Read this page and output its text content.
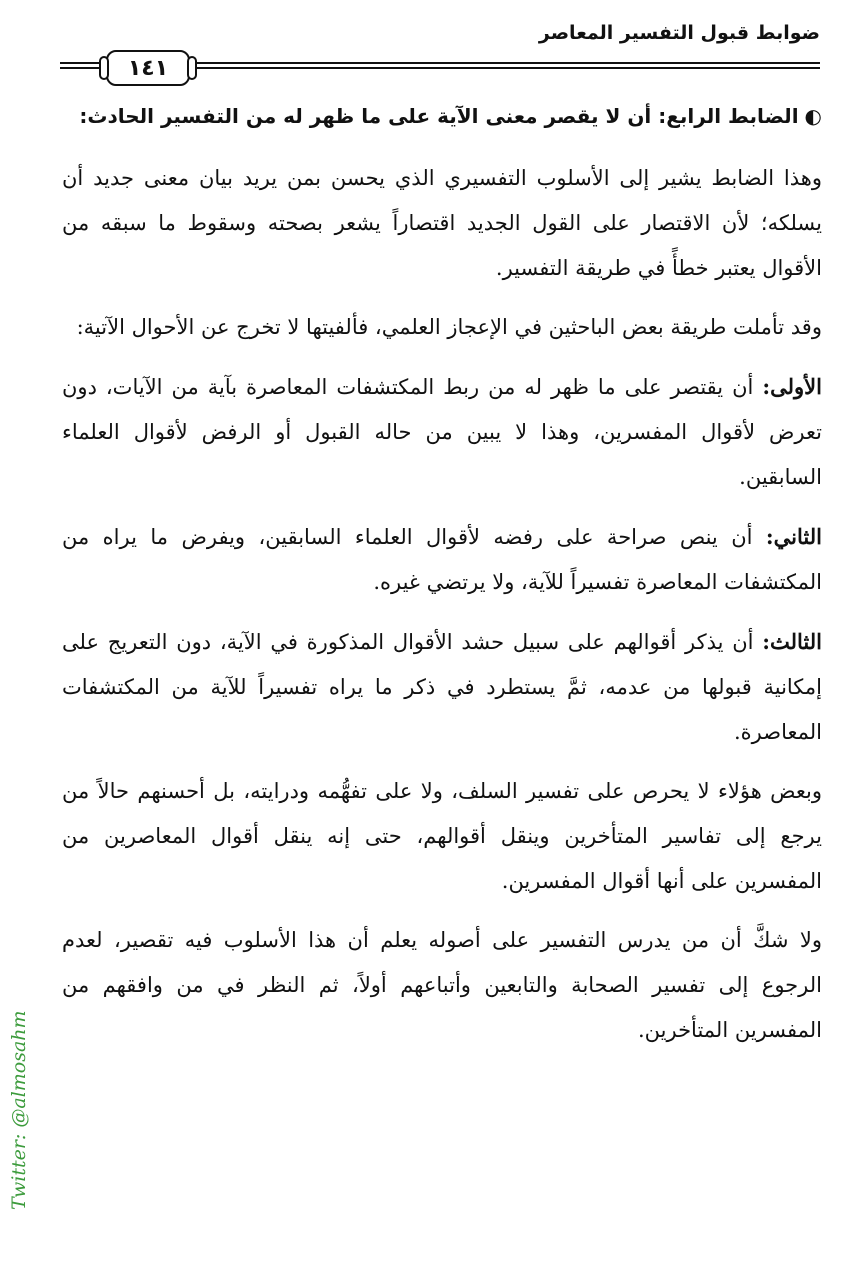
ضوابط قبول التفسير المعاصر
١٤١

◐الضابط الرابع: أن لا يقصر معنى الآية على ما ظهر له من التفسير الحادث:

وهذا الضابط يشير إلى الأسلوب التفسيري الذي يحسن بمن يريد بيان معنى جديد أن يسلكه؛ لأن الاقتصار على القول الجديد اقتصاراً يشعر بصحته وسقوط ما سبقه من الأقوال يعتبر خطأً في طريقة التفسير.

وقد تأملت طريقة بعض الباحثين في الإعجاز العلمي، فألفيتها لا تخرج عن الأحوال الآتية:

الأولى: أن يقتصر على ما ظهر له من ربط المكتشفات المعاصرة بآية من الآيات، دون تعرض لأقوال المفسرين، وهذا لا يبين من حاله القبول أو الرفض لأقوال العلماء السابقين.

الثاني: أن ينص صراحة على رفضه لأقوال العلماء السابقين، ويفرض ما يراه من المكتشفات المعاصرة تفسيراً للآية، ولا يرتضي غيره.

الثالث: أن يذكر أقوالهم على سبيل حشد الأقوال المذكورة في الآية، دون التعريج على إمكانية قبولها من عدمه، ثمَّ يستطرد في ذكر ما يراه تفسيراً للآية من المكتشفات المعاصرة.

وبعض هؤلاء لا يحرص على تفسير السلف، ولا على تفهُّمه ودرايته، بل أحسنهم حالاً من يرجع إلى تفاسير المتأخرين وينقل أقوالهم، حتى إنه ينقل أقوال المعاصرين من المفسرين على أنها أقوال المفسرين.

ولا شكَّ أن من يدرس التفسير على أصوله يعلم أن هذا الأسلوب فيه تقصير، لعدم الرجوع إلى تفسير الصحابة والتابعين وأتباعهم أولاً، ثم النظر في من وافقهم من المفسرين المتأخرين.

Twitter: @almosahm
